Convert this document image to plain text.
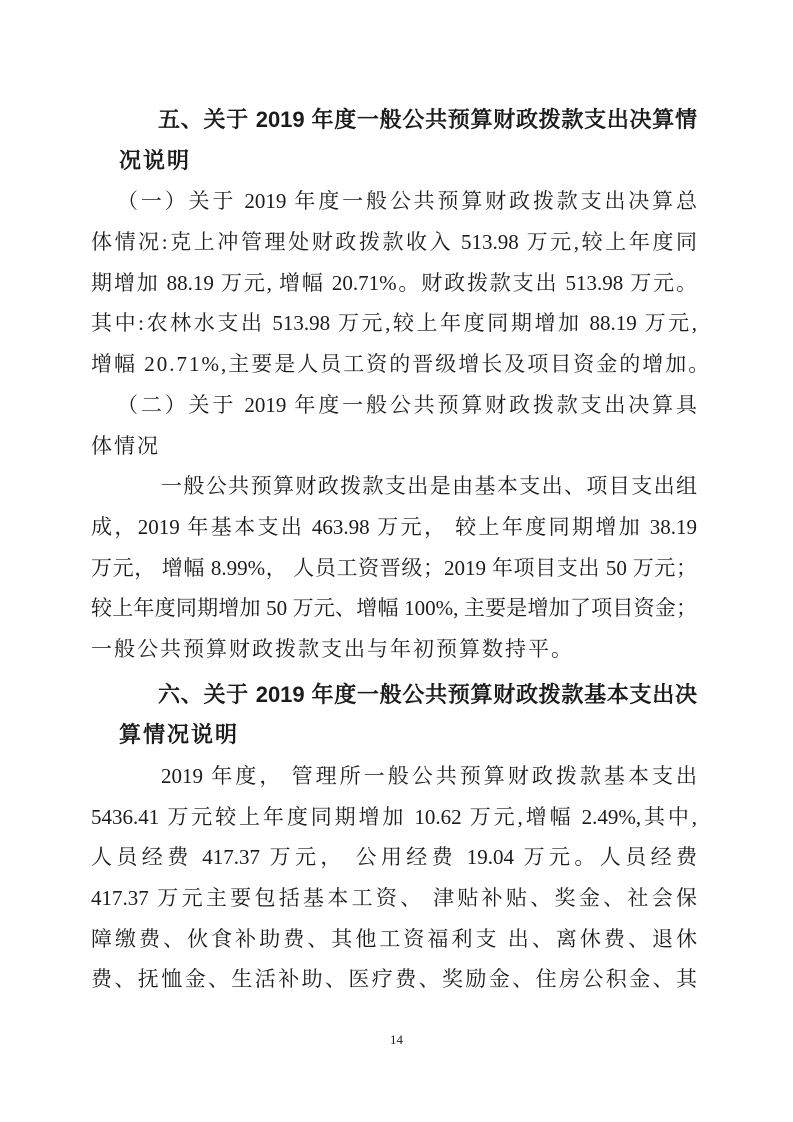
五、关于 2019 年度一般公共预算财政拨款支出决算情
况说明
（一）关于 2019 年度一般公共预算财政拨款支出决算总
体情况:克上冲管理处财政拨款收入 513.98 万元,较上年度同
期增加 88.19 万元, 增幅 20.71%。财政拨款支出 513.98 万元。
其中:农林水支出 513.98 万元,较上年度同期增加 88.19 万元,
增幅 20.71%,主要是人员工资的晋级增长及项目资金的增加。
（二）关于 2019 年度一般公共预算财政拨款支出决算具
体情况
一般公共预算财政拨款支出是由基本支出、项目支出组
成，2019 年基本支出 463.98 万元， 较上年度同期增加 38.19
万元， 增幅 8.99%， 人员工资晋级；2019 年项目支出 50 万元；
较上年度同期增加 50 万元、增幅 100%, 主要是增加了项目资金；
一般公共预算财政拨款支出与年初预算数持平。
六、关于 2019 年度一般公共预算财政拨款基本支出决
算情况说明
2019 年度， 管理所一般公共预算财政拨款基本支出
5436.41 万元较上年度同期增加 10.62 万元,增幅 2.49%,其中,
人员经费 417.37 万元， 公用经费 19.04 万元。人员经费
417.37 万元主要包括基本工资、 津贴补贴、奖金、社会保
障缴费、伙食补助费、其他工资福利支 出、离休费、退休
费、抚恤金、生活补助、医疗费、奖励金、住房公积金、其
14
